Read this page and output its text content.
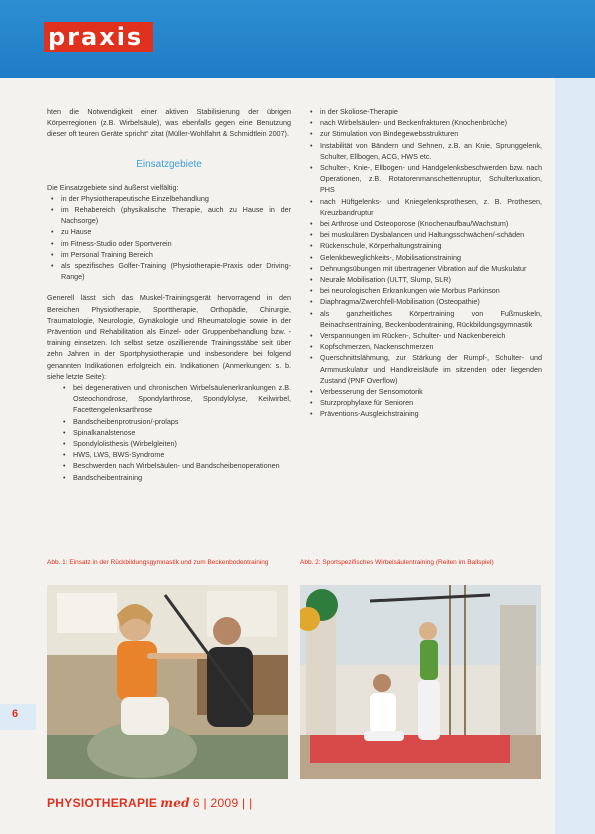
praxis

hten die Notwendigkeit einer aktiven Stabilisierung der übrigen Körperregionen (z.B. Wirbelsäule), was ebenfalls gegen eine Benutzung dieser oft teuren Geräte spricht“ zitat (Müller-Wohlfahrt & Schmidtlein 2007).

Einsatzgebiete

Die Einsatzgebiete sind äußerst vielfältig:

• in der Physiotherapeutische Einzelbehandlung
• im Rehabereich (physikalische Therapie, auch zu Hause in der Nachsorge)
• zu Hause
• im Fitness-Studio oder Sportverein
• im Personal Training Bereich
• als spezifisches Golfer-Training (Physiotherapie-Praxis oder Driving-Range)

Generell lässt sich das Muskel-Trainingsgerät hervorragend in den Bereichen Physiotherapie, Sporttherapie, Orthopädie, Chirurgie, Traumatologie, Neurologie, Gynäkologie und Rheumatologie sowie in der Prävention und Rehabilitation als Einzel- oder Gruppenbehandlung bzw. -training einsetzen. Ich selbst setze oszillierende Trainingsstäbe seit über zehn Jahren in der Sportphysiotherapie und insbesondere bei folgend genannten Indikationen erfolgreich ein. Indikationen (Anmerkungen: s. b. siehe letzte Seite):

• bei degenerativen und chronischen Wirbelsäulenerkrankungen z.B. Osteochondrose, Spondylarthrose, Spondylolyse, Keilwirbel, Facettengelenksarthrose
• Bandscheibenprotrusion/-prolaps
• Spinalkanalstenose
• Spondylolisthesis (Wirbelgleiten)
• HWS, LWS, BWS-Syndrome
• Beschwerden nach Wirbelsäulen- und Bandscheibenoperationen
• Bandscheibentraining
• in der Skoliose-Therapie
• nach Wirbelsäulen- und Beckenfrakturen (Knochenbrüche)
• zur Stimulation von Bindegewebsstrukturen
• Instabilität von Bändern und Sehnen, z.B. an Knie, Sprunggelenk, Schulter, Ellbogen, ACG, HWS etc.
• Schulter-, Knie-, Ellbogen- und Handgelenksbeschwerden bzw. nach Operationen, z.B. Rotatorenmanschettenruptur, Schulterluxation, PHS
• nach Hüftgelenks- und Kniegelenksprothesen, z. B. Prothesen, Kreuzbandruptur
• bei Arthrose und Osteoporose (Knochenaufbau/Wachstum)
• bei muskulären Dysbalancen und Haltungsschwächen/-schäden
• Rückenschule, Körperhaltungstraining
• Gelenkbeweglichkeits-, Mobilisationstraining
• Dehnungsübungen mit übertragener Vibration auf die Muskulatur
• Neurale Mobilisation (ULTT, Slump, SLR)
• bei neurologischen Erkrankungen wie Morbus Parkinson
• Diaphragma/Zwerchfell-Mobilisation (Osteopathie)
• als ganzheitliches Körpertraining von Fußmuskeln, Beinachsentraining, Beckenbodentraining, Rückbildungsgymnastik
• Verspannungen im Rücken-, Schulter- und Nackenbereich
• Kopfschmerzen, Nackenschmerzen
• Querschnittslähmung, zur Stärkung der Rumpf-, Schulter- und Armmuskulatur und Handkreisläufe im sitzenden oder liegenden Zustand (PNF Overflow)
• Verbesserung der Sensomotorik
• Sturzprophylaxe für Senioren
• Präventions-Ausgleichstraining
Abb. 1: Einsatz in der Rückbildungsgymnastik und zum Beckenbodentraining	Abb. 2: Sportspezifisches Wirbelsäulentraining (Reiten im Ballspiel)
6
PHYSIOTHERAPIE med 6 | 2009 | |
